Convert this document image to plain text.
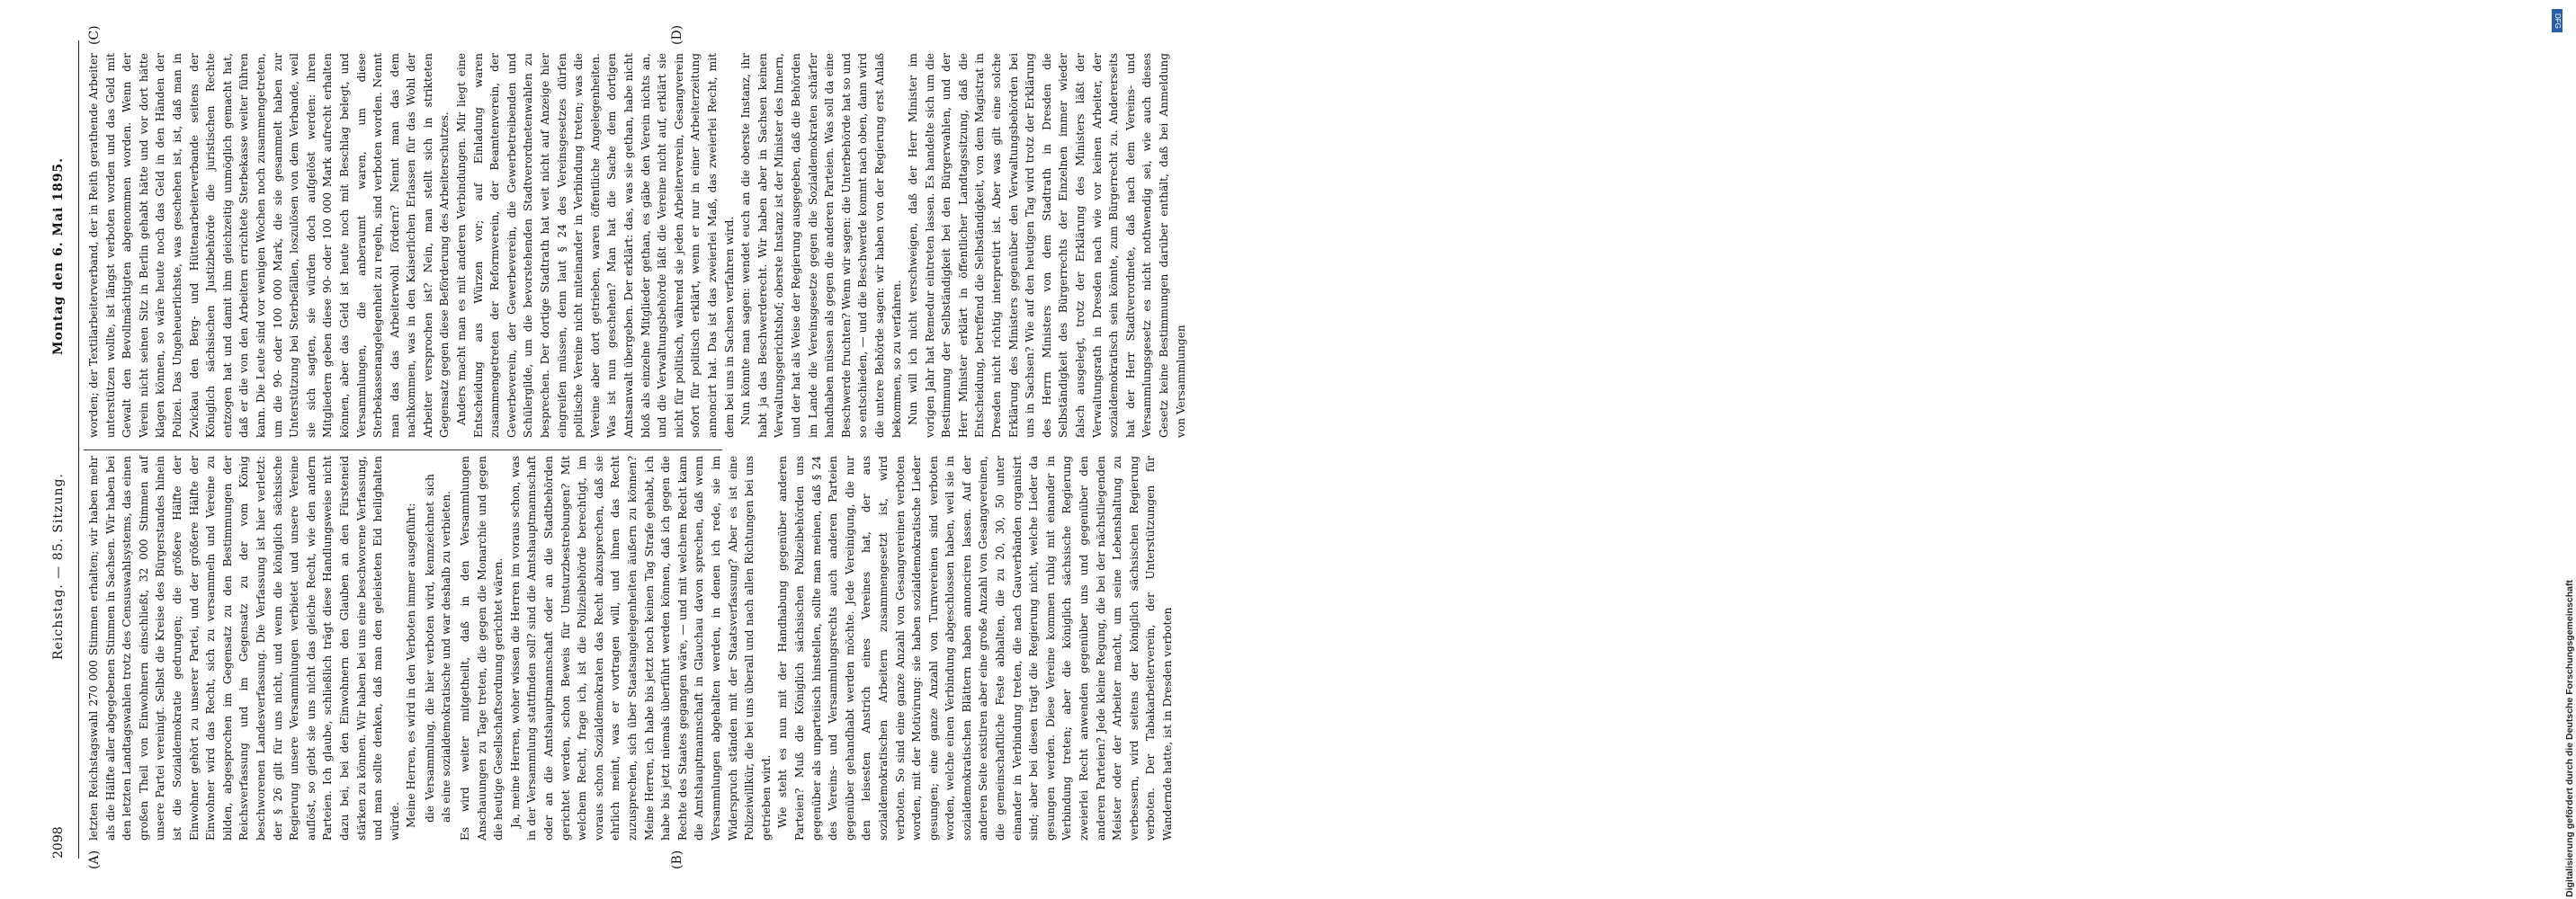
2098
Reichstag. — 85. Sitzung.
Montag den 6. Mai 1895.
(A)	(B)
(C)	(D)

letzten Reichstagswahl 270 000 Stimmen erhalten; wir haben mehr als die Hälfte aller abgegebenen Stimmen in Sachsen. Wir haben bei den letzten Landtagswahlen trotz des Censuswahlsystems, das einen großen Theil von Einwohnern einschließt, 32 000 Stimmen auf unsere Partei vereinigt. Selbst die Kreise des Bürgerstandes hinein ist die Sozialdemokratie gedrungen; die größere Hälfte der Einwohner gehört zu unserer Partei, und der größere Hälfte der Einwohner wird das Recht, sich zu versammeln und Vereine zu bilden, abgesprochen im Gegensatz zu den Bestimmungen der Reichsverfassung und im Gegensatz zu der vom König beschworenen Landesverfassung. Die Verfassung ist hier verletzt: der § 26 gilt für uns nicht, und wenn die königlich sächsische Regierung unsere Versammlungen verbietet und unsere Vereine auflöst, so giebt sie uns nicht das gleiche Recht, wie den andern Parteien. Ich glaube, schließlich trägt diese Handlungsweise nicht dazu bei, bei den Einwohnern den Glauben an den Fürsteneid stärken zu können. Wir haben bei uns eine beschworene Verfassung, und man sollte denken, daß man den geleisteten Eid heilighalten würde. Meine Herren, es wird in den Verboten immer ausgeführt: die Versammlung, die hier verboten wird, kennzeichnet sich als eine sozialdemokratische und war deshalb zu verbieten. Es wird weiter mitgetheilt, daß in den Versammlungen Anschauungen zu Tage treten, die gegen die Monarchie und gegen die heutige Gesellschaftsordnung gerichtet wären. Ja, meine Herren, woher wissen die Herren im voraus schon, was in der Versammlung stattfinden soll? sind die Amtshauptmannschaft oder an die Amtshauptmannschaft oder an die Stadtbehörden gerichtet werden, schon Beweis für Umsturzbestrebungen? Mit welchem Recht, frage ich, ist die Polizeibehörde berechtigt, im voraus schon Sozialdemokraten das Recht abzusprechen, daß sie ehrlich meint, was er vortragen will, und ihnen das Recht zuzusprechen, sich über Staatsangelegenheiten äußern zu können? Meine Herren, ich habe bis jetzt noch keinen Tag Strafe gehabt, ich habe bis jetzt niemals überführt werden können, daß ich gegen die Rechte des Staates gegangen wäre, — und mit welchem Recht kann die Amtshauptmannschaft in Glauchau davon sprechen, daß wenn Versammlungen abgehalten werden, in denen ich rede, sie im Widerspruch ständen mit der Staatsverfassung? Aber es ist eine Polizeiwillkür, die bei uns überall und nach allen Richtungen bei uns getrieben wird. Wie steht es nun mit der Handhabung gegenüber anderen Parteien? Muß die Königlich sächsischen Polizeibehörden uns gegenüber als unparteiisch hinstellen, sollte man meinen, daß § 24 des Vereins- und Versammlungsrechts auch anderen Parteien gegenüber gehandhabt werden möchte. Jede Vereinigung, die nur den leisesten Anstrich eines Vereines hat, der aus sozialdemokratischen Arbeitern zusammengesetzt ist, wird verboten. So sind eine ganze Anzahl von Gesangvereinen verboten worden, mit der Motivirung: sie haben sozialdemokratische Lieder gesungen; eine ganze Anzahl von Turnvereinen sind verboten worden, welche einen Verbindung abgeschlossen haben, weil sie in sozialdemokratischen Blättern haben annonciren lassen. Auf der anderen Seite existiren aber eine große Anzahl von Gesangvereinen, die gemeinschaftliche Feste abhalten, die zu 20, 30, 50 unter einander in Verbindung treten, die nach Gauverbänden organisirt sind; aber bei diesen trägt die Regierung nicht, welche Lieder da gesungen werden. Diese Vereine kommen ruhig mit einander in Verbindung treten; aber die königlich sächsische Regierung zweierlei Recht anwenden gegenüber uns und gegenüber den anderen Parteien? Jede kleine Regung, die bei der nächstliegenden Meister oder der Arbeiter macht, um seine Lebenshaltung zu verbessern, wird seitens der königlich sächsischen Regierung verboten. Der Tabakarbeiterverein, der Unterstützungen für Wandernde hatte, ist in Dresden verboten

worden; der Textilarbeiterverband, der in Reith gerathende Arbeiter unterstützen wollte, ist längst verboten worden und das Geld mit Gewalt den Bevollmächtigten abgenommen worden. Wenn der Verein nicht seinen Sitz in Berlin gehabt hätte und vor dort hätte klagen können, so wäre heute noch das Geld in den Händen der Polizei. Das Ungeheuerlichste, was geschehen ist, ist, daß man in Zwickau den Berg- und Hüttenarbeiterverbande seitens der Königlich sächsischen Justizbehörde die juristischen Rechte entzogen hat und damit ihm gleichzeitig unmöglich gemacht hat, daß er die von den Arbeitern errichtete Sterbekasse weiter führen kann. Die Leute sind vor wenigen Wochen noch zusammengetreten, um die 90- oder 100 000 Mark, die sie gesammelt haben zur Unterstützung bei Sterbefällen, loszulösen von dem Verbande, weil sie sich sagten, sie würden doch aufgelöst werden: ihren Mitgliedern geben diese 90- oder 100 000 Mark aufrecht erhalten können, aber das Geld ist heute noch mit Beschlag belegt, und Versammlungen, die anberaumt waren, um diese Sterbekassenangelegenheit zu regeln, sind verboten worden. Nennt man das das Arbeiterwohl fördern? Nennt man das dem nachkommen, was in den Kaiserlichen Erlassen für das Wohl der Arbeiter versprochen ist? Nein, man stellt sich in strikteten Gegensatz gegen diese Beförderung des Arbeiterschutzes. Anders macht man es mit anderen Verbindungen. Mir liegt eine Entscheidung aus Würzen vor; auf Einladung waren zusammengetreten der Reformverein, der Beamtenverein, der Gewerbeverein, der Gewerbeverein, die Gewerbetreibenden und Schülergilde, um die bevorstehenden Stadtverordnetenwahlen zu besprechen. Der dortige Stadtrath hat weit nicht auf Anzeige hier eingreifen müssen, denn laut § 24 des Vereinsgesetzes dürfen politische Vereine nicht miteinander in Verbindung treten; was die Vereine aber dort getrieben, waren öffentliche Angelegenheiten. Was ist nun geschehen? Man hat die Sache dem dortigen Amtsanwalt übergeben. Der erklärt: das, was sie gethan, habe nicht bloß als einzelne Mitglieder gethan, es gäbe den Verein nichts an, und die Verwaltungsbehörde läßt die Vereine nicht auf, erklärt sie nicht für politisch, während sie jeden Arbeiterverein, Gesangverein sofort für politisch erklärt, wenn er nur in einer Arbeiterzeitung annoncirt hat. Das ist das zweierlei Maß, das zweierlei Recht, mit dem bei uns in Sachsen verfahren wird. Nun könnte man sagen: wendet euch an die oberste Instanz, ihr habt ja das Beschwerderecht. Wir haben aber in Sachsen keinen Verwaltungsgerichtshof; oberste Instanz ist der Minister des Innern, und der hat als Weise der Regierung ausgegeben, daß die Behörden im Lande die Vereinsgesetze gegen die Sozialdemokraten schärfer handhaben müssen als gegen die anderen Parteien. Was soll da eine Beschwerde fruchten? Wenn wir sagen: die Unterbehörde hat so und so entschieden, — und die Beschwerde kommt nach oben, dann wird die untere Behörde sagen: wir haben von der Regierung erst Anlaß bekommen, so zu verfahren. Nun will ich nicht verschweigen, daß der Herr Minister im vorigen Jahr hat Remedur eintreten lassen. Es handelte sich um die Bestimmung der Selbständigkeit bei den Bürgerwahlen, und der Herr Minister erklärt in öffentlicher Landtagssitzung, daß die Entscheidung, betreffend die Selbständigkeit, von dem Magistrat in Dresden nicht richtig interpretirt ist. Aber was gilt eine solche Erklärung des Ministers gegenüber den Verwaltungsbehörden bei uns in Sachsen? Wie auf den heutigen Tag wird trotz der Erklärung des Herrn Ministers von dem Stadtrath in Dresden die Selbständigkeit des Bürgerrechts der Einzelnen immer wieder falsch ausgelegt, trotz der Erklärung des Ministers läßt der Verwaltungsrath in Dresden nach wie vor keinen Arbeiter, der sozialdemokratisch sein könnte, zum Bürgerrecht zu. Andererseits hat der Herr Stadtverordnete, daß nach dem Vereins- und Versammlungsgesetz es nicht nothwendig sei, wie auch dieses Gesetz keine Bestimmungen darüber enthält, daß bei Anmeldung von Versammlungen

Digitalisierung gefördert durch die Deutsche Forschungsgemeinschaft
DFG
